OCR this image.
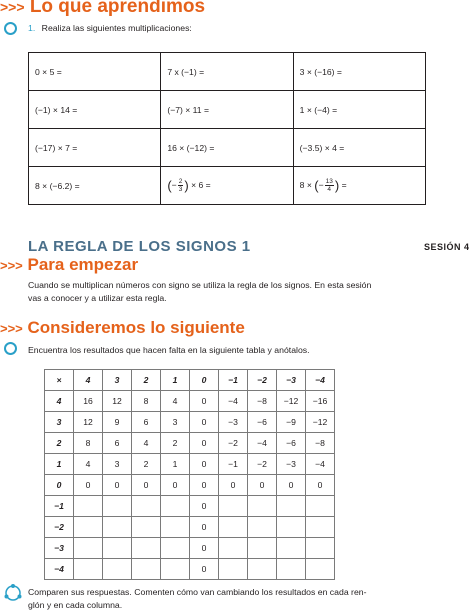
>>> Lo que aprendimos
1. Realiza las siguientes multiplicaciones:
0 × 5 =	7 x (−1) =	3 × (−16) =
(−1) × 14 =	(−7) × 11 =	1 × (−4) =
(−17) × 7 =	16 × (−12) =	(−3.5) × 4 =
8 × (−6.2) =	(− $\frac{2}{3}$ ) × 6 =	8 × (− $\frac{13}{4}$ ) =
LA REGLA DE LOS SIGNOS 1	SESIÓN 4
>>> Para empezar
Cuando se multiplican números con signo se utiliza la regla de los signos. En esta sesión
vas a conocer y a utilizar esta regla.
>>> Consideremos lo siguiente
Encuentra los resultados que hacen falta en la siguiente tabla y anótalos.
×	4	3	2	1	0	−1	−2	−3	−4
4	16	12	8	4	0	−4	−8	−12	−16
3	12	9	6	3	0	−3	−6	−9	−12
2	8	6	4	2	0	−2	−4	−6	−8
1	4	3	2	1	0	−1	−2	−3	−4
0	0	0	0	0	0	0	0	0	0
−1					0				
−2					0				
−3					0				
−4					0				
Comparen sus respuestas. Comenten cómo van cambiando los resultados en cada ren-
glón y en cada columna.
